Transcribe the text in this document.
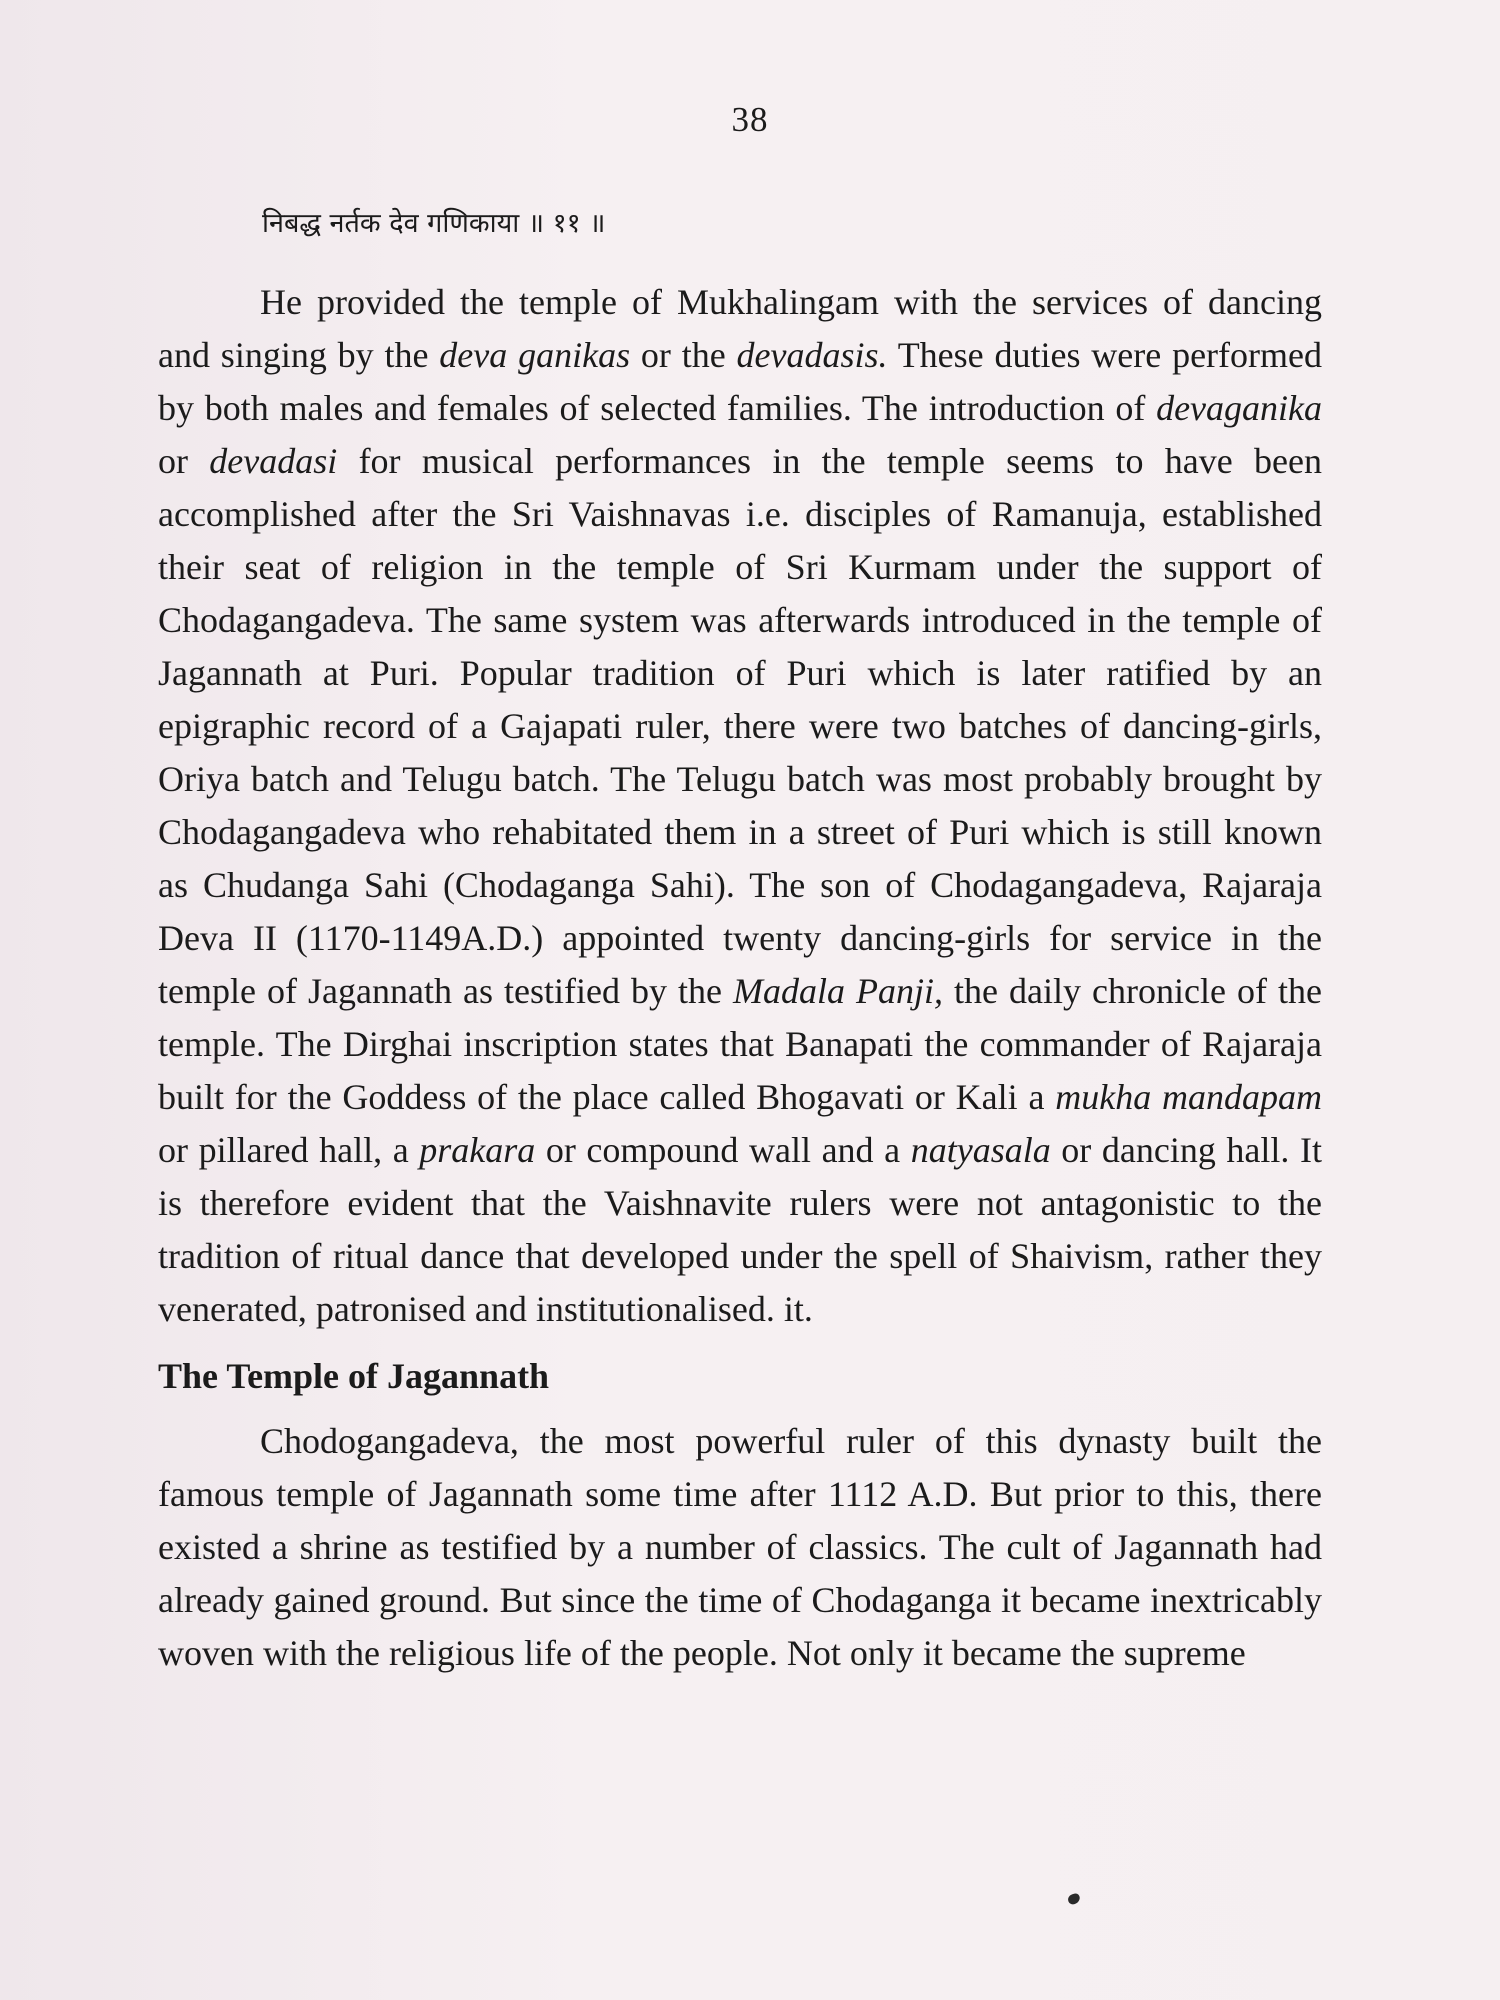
38
निबद्ध नर्तक देव गणिकाया ॥ ११ ॥

He provided the temple of Mukhalingam with the services of dancing and singing by the deva ganikas or the devadasis. These duties were performed by both males and females of selected families. The introduction of devaganika or devadasi for musical performances in the temple seems to have been accomplished after the Sri Vaishnavas i.e. disciples of Ramanuja, established their seat of religion in the temple of Sri Kurmam under the support of Chodagangadeva. The same system was afterwards introduced in the temple of Jagannath at Puri. Popular tradition of Puri which is later ratified by an epigraphic record of a Gajapati ruler, there were two batches of dancing-girls, Oriya batch and Telugu batch. The Telugu batch was most probably brought by Chodagangadeva who rehabitated them in a street of Puri which is still known as Chudanga Sahi (Chodaganga Sahi). The son of Chodagangadeva, Rajaraja Deva II (1170-1149A.D.) appointed twenty dancing-girls for service in the temple of Jagannath as testified by the Madala Panji, the daily chronicle of the temple. The Dirghai inscription states that Banapati the commander of Rajaraja built for the Goddess of the place called Bhogavati or Kali a mukha mandapam or pillared hall, a prakara or compound wall and a natyasala or dancing hall. It is therefore evident that the Vaishnavite rulers were not antagonistic to the tradition of ritual dance that developed under the spell of Shaivism, rather they venerated, patronised and institutionalised. it.

The Temple of Jagannath

Chodogangadeva, the most powerful ruler of this dynasty built the famous temple of Jagannath some time after 1112 A.D. But prior to this, there existed a shrine as testified by a number of classics. The cult of Jagannath had already gained ground. But since the time of Chodaganga it became inextricably woven with the religious life of the people. Not only it became the supreme
